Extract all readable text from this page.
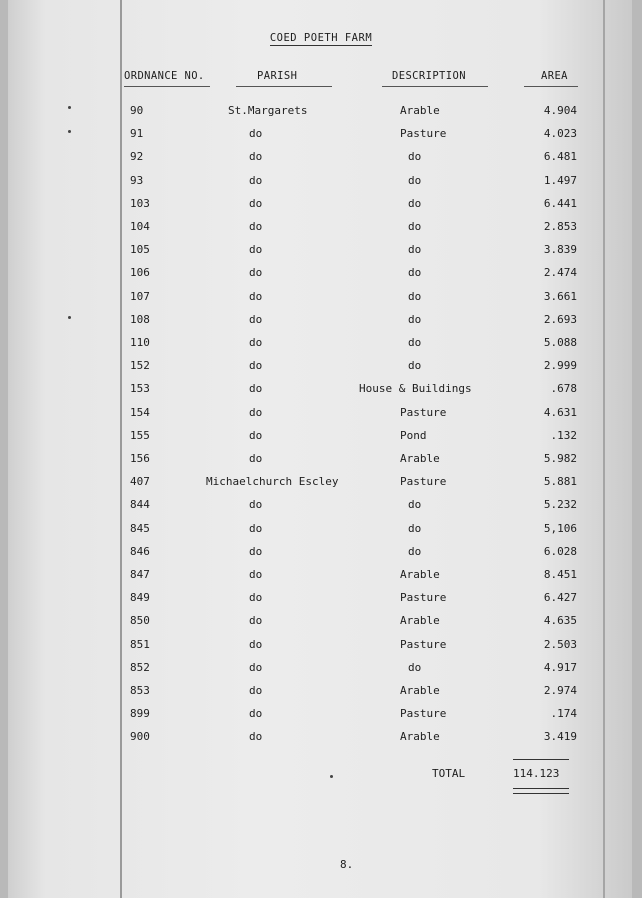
COED POETH FARM
ORDNANCE NO.	PARISH	DESCRIPTION	AREA
90	St.Margarets	Arable	4.904
91	do	Pasture	4.023
92	do	do	6.481
93	do	do	1.497
103	do	do	6.441
104	do	do	2.853
105	do	do	3.839
106	do	do	2.474
107	do	do	3.661
108	do	do	2.693
110	do	do	5.088
152	do	do	2.999
153	do	House & Buildings	.678
154	do	Pasture	4.631
155	do	Pond	.132
156	do	Arable	5.982
407	Michaelchurch Escley	Pasture	5.881
844	do	do	5.232
845	do	do	5,106
846	do	do	6.028
847	do	Arable	8.451
849	do	Pasture	6.427
850	do	Arable	4.635
851	do	Pasture	2.503
852	do	do	4.917
853	do	Arable	2.974
899	do	Pasture	.174
900	do	Arable	3.419
TOTAL	114.123
8.
